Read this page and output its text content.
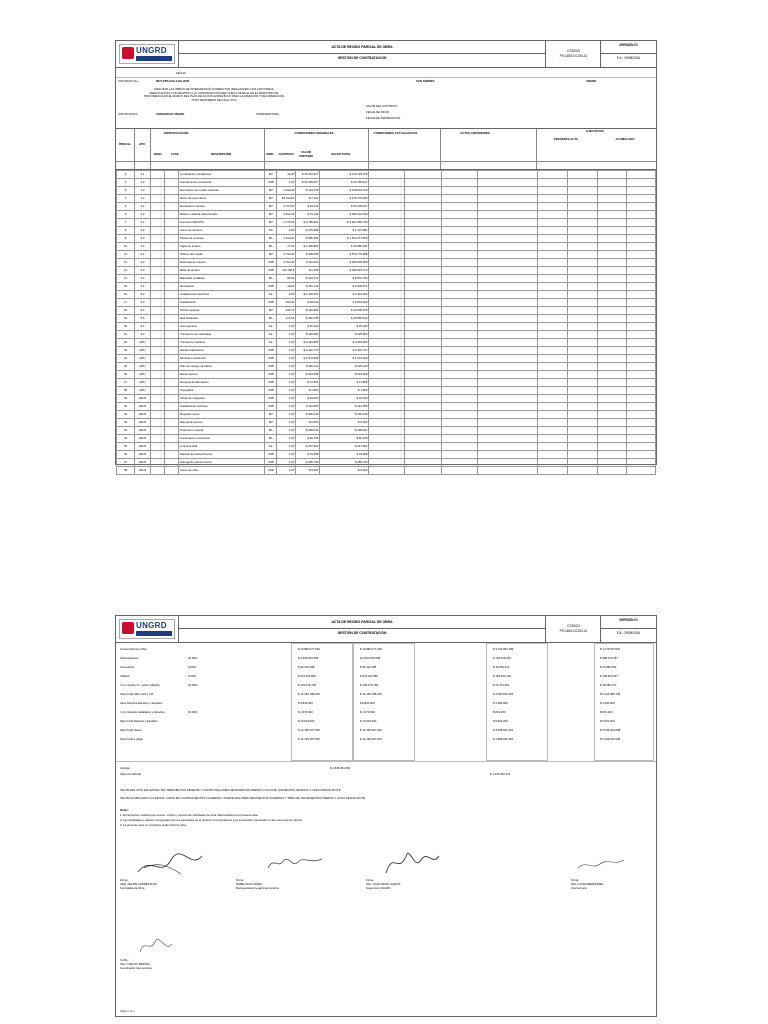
UNGRD	ACTA DE RECIBO PARCIAL DE OBRA
GESTIÓN DE CONTRATACIÓN
CÓDIGO
FR-1603-GCON-41
VERSIÓN 01
F.A.: 29/08/2016
FECHA:
CONTRATO No.:	9677-PPAL001-1191-2020	SAN ANDRÉS	UNGRD
REALIZAR LAS OBRAS DE INTERVENCIÓN CORRECTIVA (REALIZANDO UNA ANTICIPADA VERIFICACIÓN) CON DESTINO A LA CONSTRUCCIÓN DEL NUEVO MUELLE EN EL MUNICIPIO DE PROVIDENCIA EN EL MARCO DEL PLAN DE ACCIÓN ESPECÍFICO PARA LA ATENCIÓN Y RECUPERACIÓN POST FENÓMENO DE ETA E IOTA
CONTRATISTA:	CONSORCIO UNGRD	INTERVENTORÍA:
VALOR DEL CONTRATO
FECHA DE INICIO
FECHA DE TERMINACIÓN
ÍTEM No.	APU
ESPECIFICACIÓN
NIVEL	FASE	DESCRIPCIÓN
CONDICIONES ORIGINALES
UNID.	CANTIDAD	VALOR UNITARIO	VALOR TOTAL
CONDICIONES ACTUALIZADAS	ACTAS ANTERIORES	EJECUTADO
PRESENTE ACTA	ACUMULADO
1	1.1			Localización y Replanteo	M2	14,00	$ 15.223.527	$ 213.129.378								
2	1.2			Campamento provisional	UND	1,00	$ 23.155.527	$ 23.155.527								
3	1.3			Demolición de muelle existente	M2	1.040,00	$ 123.078	$ 128.001.120								
4	1.4			Retiro de escombros	M3	64.159,61	$ 7.431	$ 476.770.069								
5	2.1			Excavación manual	M3	2.723,00	$ 19.919	$ 54.239.437								
6	2.2			Relleno material seleccionado	M3	4.914,00	$ 73.145	$ 359.434.530								
7	3.1			Concreto 3000 PSI	M3	1.776,00	$ 2.785.961	$ 4.947.866.736								
8	3.2			Acero de refuerzo	KG	4,00	$ 276.996	$ 1.107.984								
9	3.3			Pilotes de concreto	ML	2.310,00	$ 655.185	$ 1.513.477.350								
10	3.4			Vigas de amarre	ML	17,00	$ 1.345.893	$ 22.880.181								
11	4.1			Tablero del muelle	M2	2.743,00	$ 208.086	$ 570.779.898								
12	4.2			Defensas de caucho	UND	2.763,00	$ 112.016	$ 309.500.208								
13	4.3			Bitas de amarre	UND	111.158,5	$ 2.285	$ 253.997.172								
14	4.4			Barandas metálicas	ML	86,00	$ 103.172	$ 8.872.792								
15	5.1			Iluminación	UND	18,00	$ 161.143	$ 2.900.574								
16	5.2			Instalaciones eléctricas	GL	2,00	$ 1.200.532	$ 2.401.064								
17	5.3			Señalización	UND	100,00	$ 28.012	$ 2.801.200								
18	5.4			Pintura epóxica	M2	136,72	$ 120.909	$ 16.530.678								
19	5.5			Red hidráulica	ML	174,64	$ 152.065	$ 26.556.632								
20	6.1			Aseo general	GL	1,00	$ 45.100	$ 45.100								
21	6.2			Transporte de materiales	GL	1,00	$ 225.800	$ 225.800								
22	APU			Transporte marítimo	GL	1,00	$ 4.494.965	$ 4.494.965								
23	APU			Estudio batimétrico	UND	1,00	$ 2.342.747	$ 2.342.747								
24	APU			Monitoreo ambiental	UND	1,00	$ 1.672.409	$ 1.672.409								
25	APU			Plan de manejo de tráfico	UND	1,00	$ 945.120	$ 945.120								
26	APU			Buceo técnico	UND	1,00	$ 634.908	$ 634.908								
27	APU			Ensayos de laboratorio	UND	1,00	$ 71.806	$ 71.806								
28	APU			Topografía	UND	1,00	$ 1.800	$ 1.800								
29	APU2			Obras de mitigación	UND	1,00	$ 34.000	$ 34.000								
30	APU2			Señalización marítima	UND	1,00	$ 112.086	$ 112.086								
31	APU2			Dragado menor	M3	1,00	$ 300.040	$ 300.040								
32	APU2			Rampa de acceso	M2	1,00	$ 9.050	$ 9.050								
33	APU2			Protección costera	ML	1,00	$ 239.041	$ 239.041								
34	APU2			Cerramiento provisional	ML	1,00	$ 82.435	$ 82.435								
35	APU2			Limpieza final	GL	1,00	$ 267.962	$ 267.962								
36	APU2			Manual de mantenimiento	UND	1,00	$ 79.688	$ 79.688								
37	APU2			Entrega de planos récord	UND	1,00	$ 255.730	$ 255.730								
38	APU2			Cierre de obra	UND	1,00	$ 9.000	$ 9.000								
UNGRD	ACTA DE RECIBO PARCIAL DE OBRA
GESTIÓN DE CONTRATACIÓN
CÓDIGO
FR-1603-GCON-41
VERSIÓN 01
F.A.: 29/08/2016
Costos Directos Obra	$ 10.882.077.649	$ 10.882.077.649	$ 3.130.662.189	$ 4.176.870.531
Administración	23,90%	$ 2.600.816.558	$ 2.600.816.558	$ 748.228.263	$ 998.272.057
Imprevistos	0,50%	$ 54.410.388	$ 54.410.388	$ 15.653.311	$ 20.884.353
Utilidad	5,00%	$ 544.103.882	$ 544.103.882	$ 156.533.109	$ 208.843.527
I.V.A. (Sobre Ut.- sobre utilidad)	19,00%	$ 103.379.738	$ 103.379.738	$ 29.741.291	$ 39.680.270
Valor Total Obra Civil y IVA	$ 14.184.788.215	$ 14.184.788.215	$ 4.080.818.163	$ 5.444.550.738
Valor Diseños Estudios y Estudios	$ 8.840.000	$ 8.840.000	$ 4.280.000	$ 4.280.000
I.V.A. Diseños detallados y Estudios	19,00%	$ 1.679.600	$ 1.679.600	$ 813.200	$ 813.200
Valor Total Diseños y Estudios	$ 10.519.600	$ 10.519.600	$ 5.093.200	$ 5.093.200
Valor Total Nuevo	$ 14.195.307.815	$ 14.195.307.815	$ 4.085.911.363	$ 5.449.643.938
Valor Total a pagar	$ 14.195.307.815	$ 14.195.307.815	$ 4.085.911.363	$ 5.449.643.938
Anticipo	$ 2.838.061.563
Valor Amortizado	$ 1.233.182.272
VALOR DEL ACTA EN LETRAS: MIL TRESCIENTOS SESENTA Y CUATRO MILLONES SETECIENTOS TREINTA Y DOS MIL QUINIENTOS SETENTA Y CINCO PESOS M/CTE
VALOR ACUMULADO A LA FECHA: CINCO MIL CUATROCIENTOS CUARENTA Y NUEVE MILLONES SEISCIENTOS CUARENTA Y TRES MIL NOVECIENTOS TREINTA Y OCHO PESOS M/CTE
Notas:
1. El interventor certifica que conoce, verificó y aprobó las cantidades de obra relacionadas en la presente acta.
2. Las cantidades y valores consignados son los ejecutados en el periodo correspondiente y se encuentran soportados en las memorias de cálculo.
3. La presente acta no constituye recibo final de obra.
Firma:
ARQ. FELIPE ANDRÉS RUIZ
Contratista de Obra
Firma:
MABEL RUIZ MORA
Representante Legal Interventoría
Firma:
ING. JUAN DAVID GARCÍA
Supervisor UNGRD
Firma:
ING. LAURA BERMÚDEZ
Interventoría
Vo.Bo.:
ING. CARLOS MEDINA
Coordinador Interventoría
Página 1 de 1
